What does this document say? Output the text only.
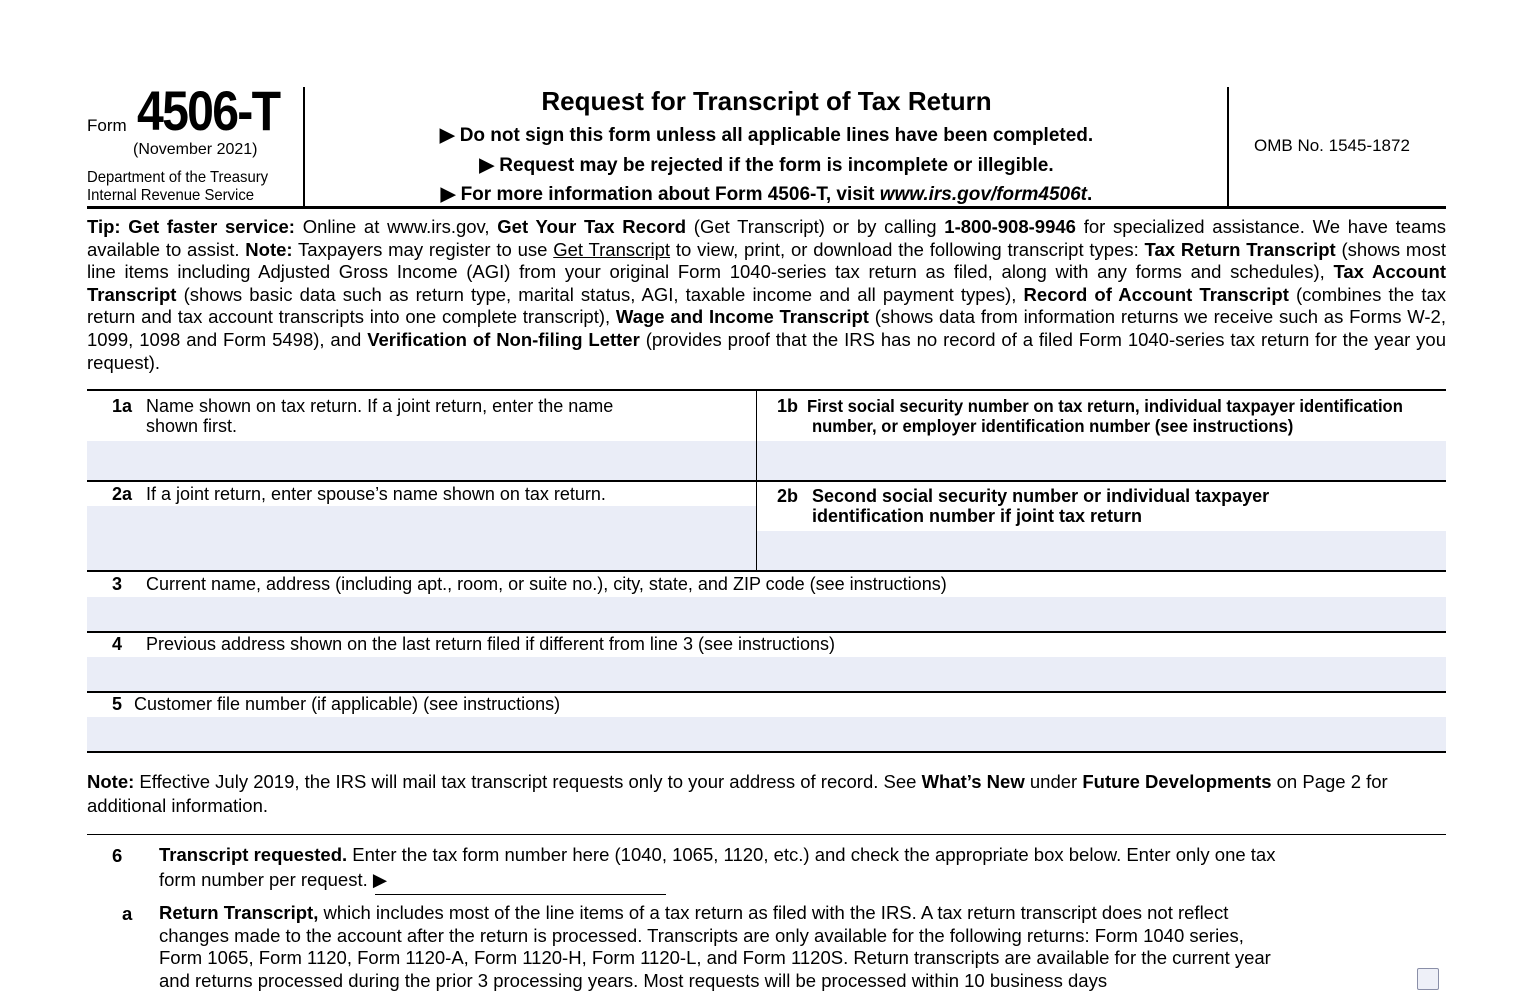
Form 4506-T
(November 2021)
Department of the Treasury
Internal Revenue Service
Request for Transcript of Tax Return
▶ Do not sign this form unless all applicable lines have been completed.
▶ Request may be rejected if the form is incomplete or illegible.
▶ For more information about Form 4506-T, visit www.irs.gov/form4506t.
OMB No. 1545-1872
Tip: Get faster service: Online at www.irs.gov, Get Your Tax Record (Get Transcript) or by calling 1-800-908-9946 for specialized assistance. We have teams available to assist. Note: Taxpayers may register to use Get Transcript to view, print, or download the following transcript types: Tax Return Transcript (shows most line items including Adjusted Gross Income (AGI) from your original Form 1040-series tax return as filed, along with any forms and schedules), Tax Account Transcript (shows basic data such as return type, marital status, AGI, taxable income and all payment types), Record of Account Transcript (combines the tax return and tax account transcripts into one complete transcript), Wage and Income Transcript (shows data from information returns we receive such as Forms W-2, 1099, 1098 and Form 5498), and Verification of Non-filing Letter (provides proof that the IRS has no record of a filed Form 1040-series tax return for the year you request).
1a Name shown on tax return. If a joint return, enter the name
shown first.
1b First social security number on tax return, individual taxpayer identification
number, or employer identification number (see instructions)
2a If a joint return, enter spouse’s name shown on tax return.	2b Second social security number or individual taxpayer
identification number if joint tax return
3 Current name, address (including apt., room, or suite no.), city, state, and ZIP code (see instructions)
4 Previous address shown on the last return filed if different from line 3 (see instructions)
5 Customer file number (if applicable) (see instructions)
Note: Effective July 2019, the IRS will mail tax transcript requests only to your address of record. See What’s New under Future Developments on Page 2 for additional information.
6 Transcript requested. Enter the tax form number here (1040, 1065, 1120, etc.) and check the appropriate box below. Enter only one tax
form number per request. ▶
a Return Transcript, which includes most of the line items of a tax return as filed with the IRS. A tax return transcript does not reflect
changes made to the account after the return is processed. Transcripts are only available for the following returns: Form 1040 series,
Form 1065, Form 1120, Form 1120-A, Form 1120-H, Form 1120-L, and Form 1120S. Return transcripts are available for the current year
and returns processed during the prior 3 processing years. Most requests will be processed within 10 business days
